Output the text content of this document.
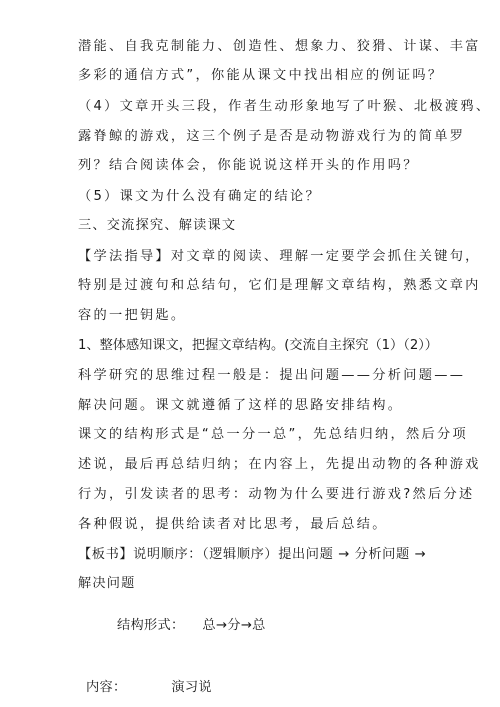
潜能、自我克制能力、创造性、想象力、狡猾、计谋、丰富
多彩的通信方式”，你能从课文中找出相应的例证吗？
（4）文章开头三段，作者生动形象地写了叶猴、北极渡鸦、
露脊鲸的游戏，这三个例子是否是动物游戏行为的简单罗
列？结合阅读体会，你能说说这样开头的作用吗？
（5）课文为什么没有确定的结论？
三、交流探究、解读课文
【学法指导】对文章的阅读、理解一定要学会抓住关键句，
特别是过渡句和总结句，它们是理解文章结构，熟悉文章内
容的一把钥匙。
1、整体感知课文，把握文章结构。(交流自主探究（1）（2））
科学研究的思维过程一般是：提出问题——分析问题——
解决问题。课文就遵循了这样的思路安排结构。
课文的结构形式是“总一分一总”，先总结归纳，然后分项
述说，最后再总结归纳；在内容上，先提出动物的各种游戏
行为，引发读者的思考：动物为什么要进行游戏?然后分述
各种假说，提供给读者对比思考，最后总结。
【板书】说明顺序：（逻辑顺序）提出问题 → 分析问题 →
解决问题
结构形式：    总→分→总
内容：          演习说
